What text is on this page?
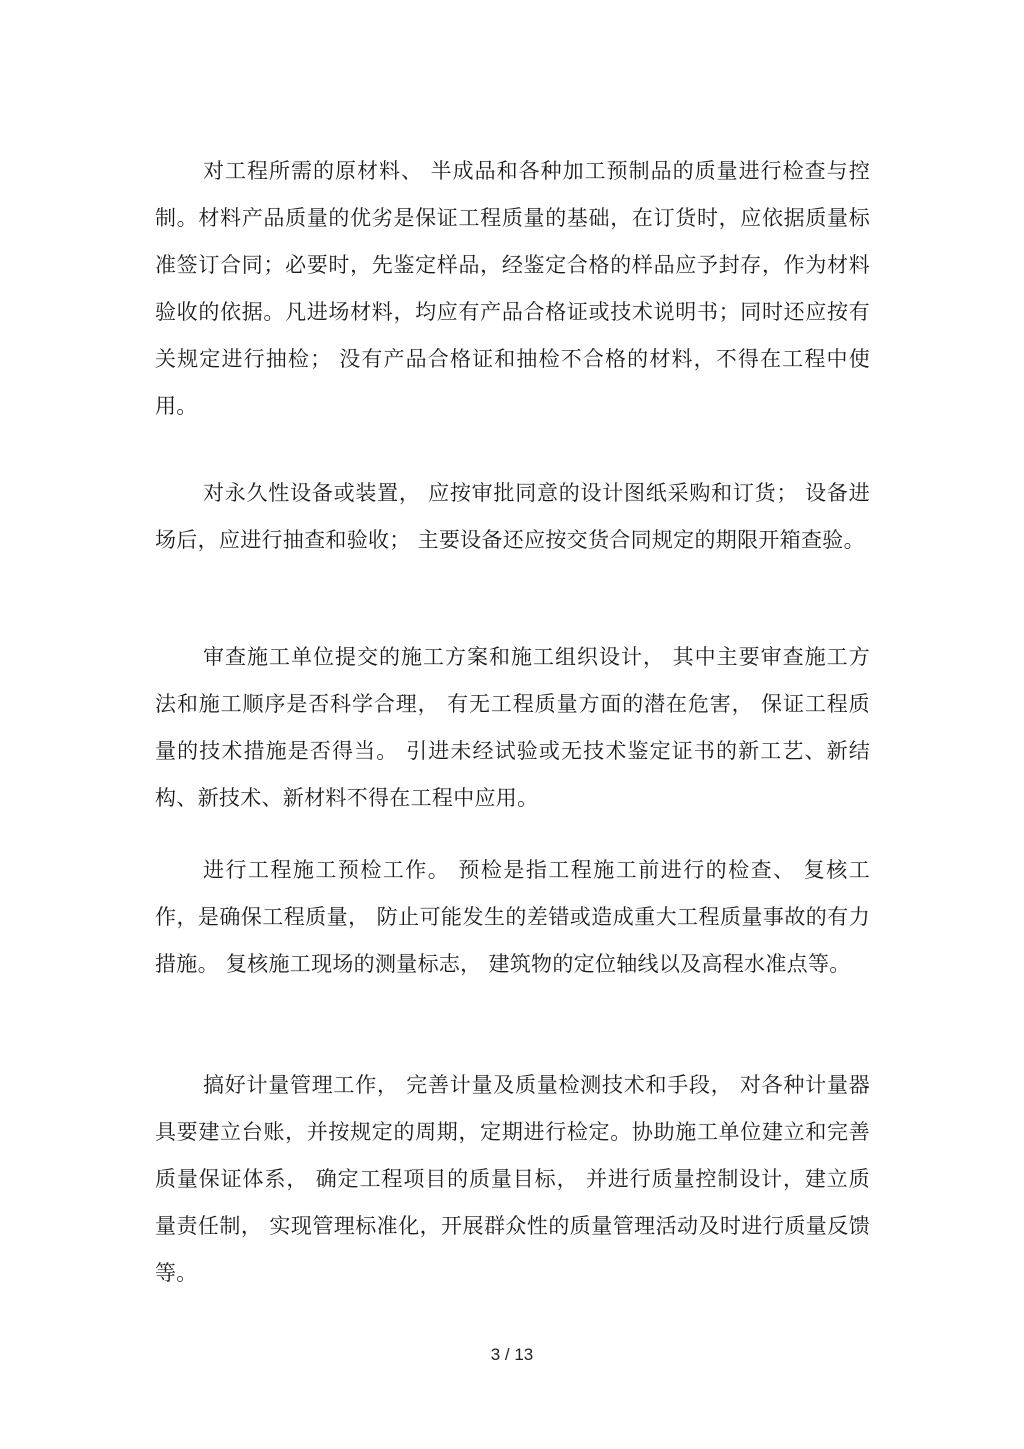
对工程所需的原材料、 半成品和各种加工预制品的质量进行检查与控制。材料产品质量的优劣是保证工程质量的基础，在订货时，应依据质量标准签订合同；必要时，先鉴定样品，经鉴定合格的样品应予封存，作为材料验收的依据。凡进场材料，均应有产品合格证或技术说明书；同时还应按有关规定进行抽检； 没有产品合格证和抽检不合格的材料，不得在工程中使用。

对永久性设备或装置， 应按审批同意的设计图纸采购和订货； 设备进场后，应进行抽查和验收； 主要设备还应按交货合同规定的期限开箱查验。

审查施工单位提交的施工方案和施工组织设计， 其中主要审查施工方法和施工顺序是否科学合理， 有无工程质量方面的潜在危害， 保证工程质量的技术措施是否得当。 引进未经试验或无技术鉴定证书的新工艺、新结构、新技术、新材料不得在工程中应用。

进行工程施工预检工作。 预检是指工程施工前进行的检查、 复核工作，是确保工程质量， 防止可能发生的差错或造成重大工程质量事故的有力措施。 复核施工现场的测量标志， 建筑物的定位轴线以及高程水准点等。

搞好计量管理工作， 完善计量及质量检测技术和手段， 对各种计量器具要建立台账，并按规定的周期，定期进行检定。协助施工单位建立和完善质量保证体系， 确定工程项目的质量目标， 并进行质量控制设计，建立质量责任制， 实现管理标准化，开展群众性的质量管理活动及时进行质量反馈等。

3 / 13
